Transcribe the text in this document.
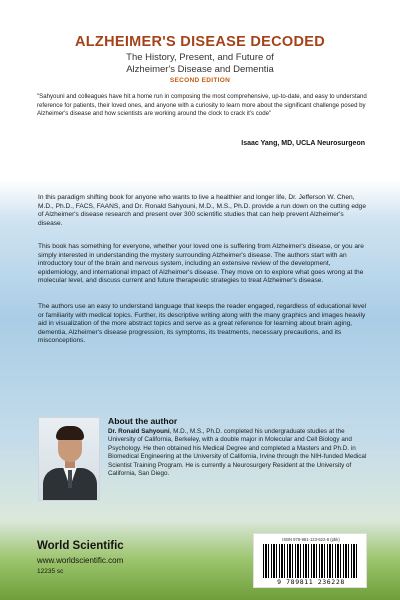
ALZHEIMER'S DISEASE DECODED
The History, Present, and Future of
Alzheimer's Disease and Dementia
SECOND EDITION
"Sahyouni and colleagues have hit a home run in composing the most comprehensive, up-to-date, and easy to understand reference for patients, their loved ones, and anyone with a curiosity to learn more about the significant challenge posed by Alzheimer's disease and how scientists are working around the clock to crack it's code"
Isaac Yang, MD, UCLA Neurosurgeon
In this paradigm shifting book for anyone who wants to live a healthier and longer life, Dr. Jefferson W. Chen, M.D., Ph.D., FACS, FAANS, and Dr. Ronald Sahyouni, M.D., M.S., Ph.D. provide a run down on the cutting edge of Alzheimer's disease research and present over 300 scientific studies that can help prevent Alzheimer's disease.
This book has something for everyone, whether your loved one is suffering from Alzheimer's disease, or you are simply interested in understanding the mystery surrounding Alzheimer's disease. The authors start with an introductory tour of the brain and nervous system, including an extensive review of the development, epidemiology, and international impact of Alzheimer's disease. They move on to explore what goes wrong at the molecular level, and discuss current and future therapeutic strategies to treat Alzheimer's disease.
The authors use an easy to understand language that keeps the reader engaged, regardless of educational level or familiarity with medical topics. Further, its descriptive writing along with the many graphics and images heavily aid in visualization of the more abstract topics and serve as a great reference for learning about brain aging, dementia, Alzheimer's disease progression, its symptoms, its treatments, necessary precautions, and its misconceptions.
About the author
Dr. Ronald Sahyouni, M.D., M.S., Ph.D. completed his undergraduate studies at the University of California, Berkeley, with a double major in Molecular and Cell Biology and Psychology. He then obtained his Medical Degree and completed a Masters and Ph.D. in Biomedical Engineering at the University of California, Irvine through the NIH-funded Medical Scientist Training Program. He is currently a Neurosurgery Resident at the University of California, San Diego.
World Scientific
www.worldscientific.com
12235 sc
ISBN 978-981-123-622-8 (pbk)
9 789811 236228
